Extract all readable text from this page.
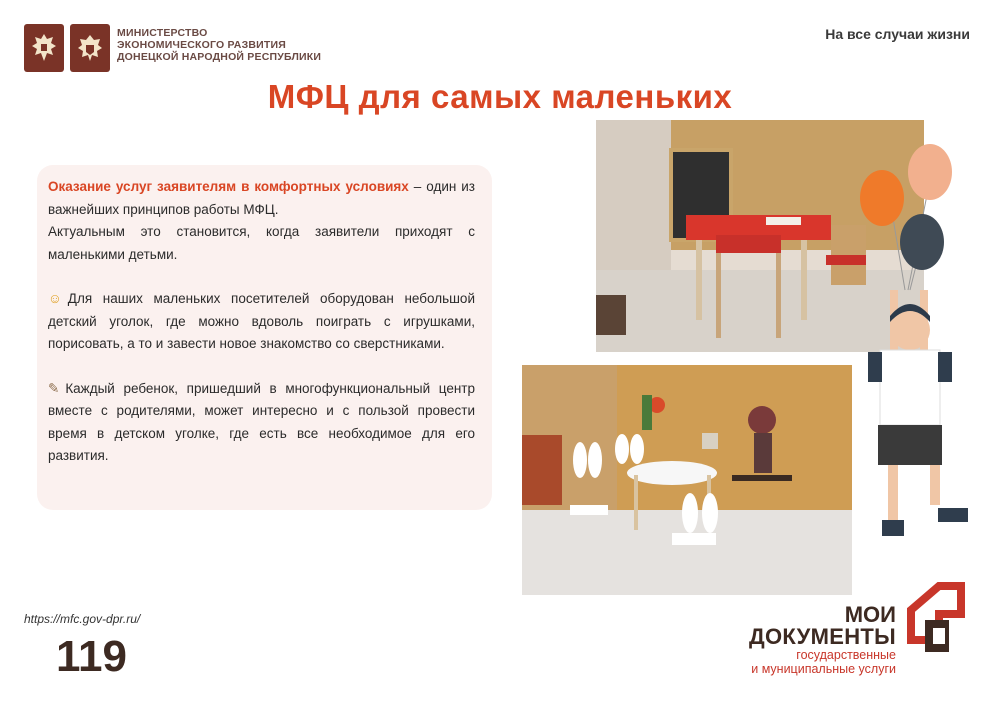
МИНИСТЕРСТВО
ЭКОНОМИЧЕСКОГО РАЗВИТИЯ
ДОНЕЦКОЙ НАРОДНОЙ РЕСПУБЛИКИ
На все случаи жизни
МФЦ для самых маленьких

Оказание услуг заявителям в комфортных условиях – один из важнейших принципов работы МФЦ.
Актуальным это становится, когда заявители приходят с маленькими детьми.

☺ Для наших маленьких посетителей оборудован небольшой детский уголок, где можно вдоволь поиграть с игрушками, порисовать, а то и завести новое знакомство со сверстниками.

✎ Каждый ребенок, пришедший в многофункциональный центр вместе с родителями, может интересно и с пользой провести время в детском уголке, где есть все необходимое для его развития.

https://mfc.gov-dpr.ru/
119
МОИ
ДОКУМЕНТЫ
государственные
и муниципальные услуги
